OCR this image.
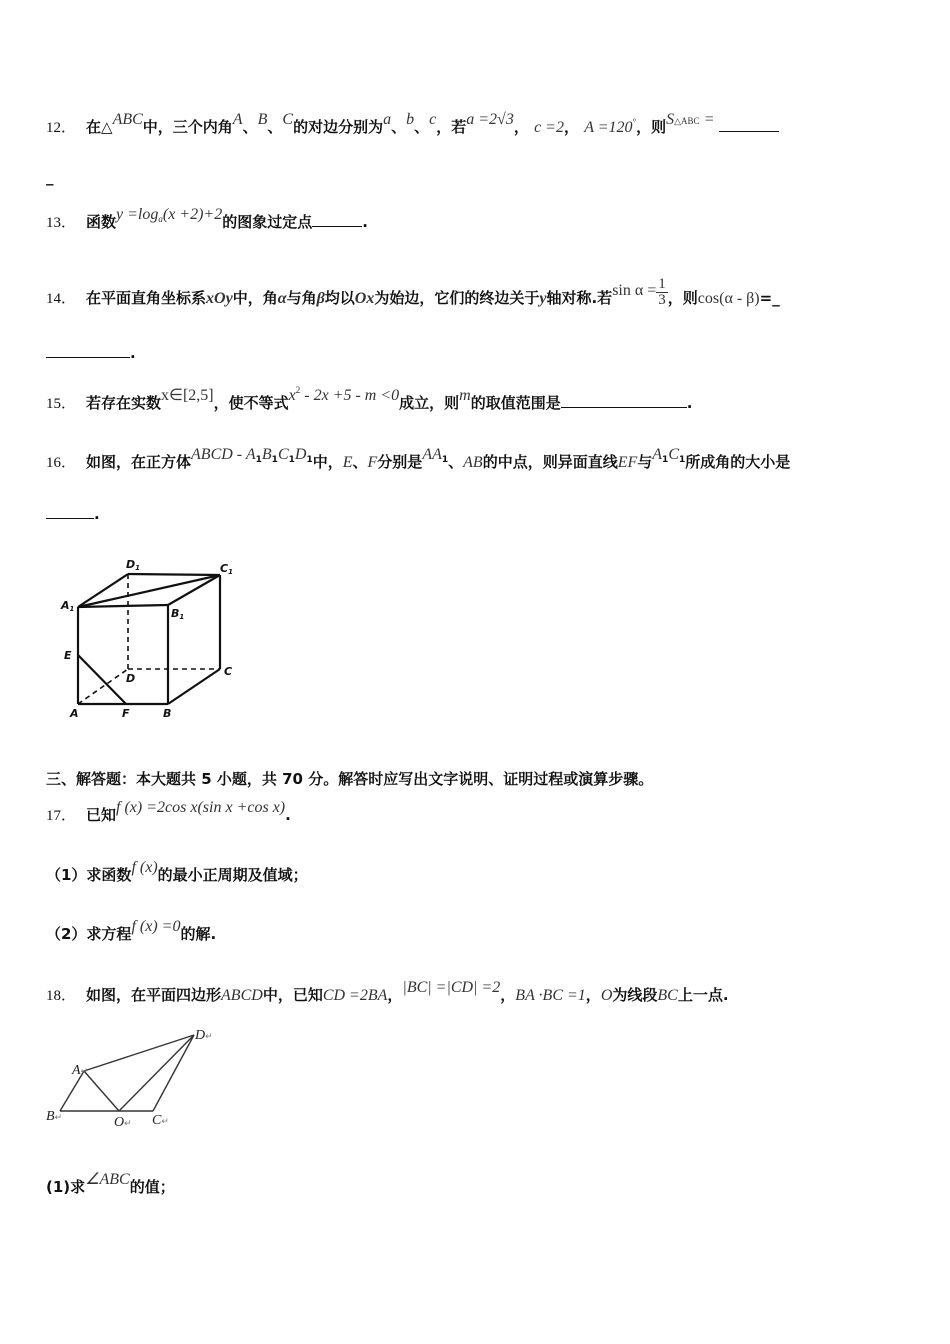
12． 在△ABC中，三个内角A、B、C的对边分别为a、b、c，若a =2√3， c =2， A =120°，则$S^{\triangle ABC}$ =
_
13． 函数$y =\log_a(x +2)+2$的图象过定点	.
14． 在平面直角坐标系xOy中，角α与角β均以Ox为始边，它们的终边关于y轴对称.若$\sin \alpha = \frac{1}{3}$ ，则cos(α - β)=_
.
15． 若存在实数x∈[2,5]，使不等式$x^2 - 2x +5 - m <0$成立，则m的取值范围是	.
16． 如图，在正方体ABCD - $A_1B_1C_1D_1$中，E、F分别是$AA_1$、AB的中点，则异面直线EF与$A_1C_1$所成角的大小是
.
D1	C1
A1	B1
E
D
C
A	F	B
三、解答题：本大题共 5 小题，共 70 分。解答时应写出文字说明、证明过程或演算步骤。
17． 已知f (x) =2cos x(sin x +cos x).
（1）求函数f (x)的最小正周期及值域；
（2）求方程f (x) =0的解.
18． 如图，在平面四边形ABCD中，已知CD =2BA，|BC| =|CD| =2，BA ·BC =1，O为线段BC上一点.
A↵
B↵	O↵ C↵
D↵
(1)求∠ABC的值；
